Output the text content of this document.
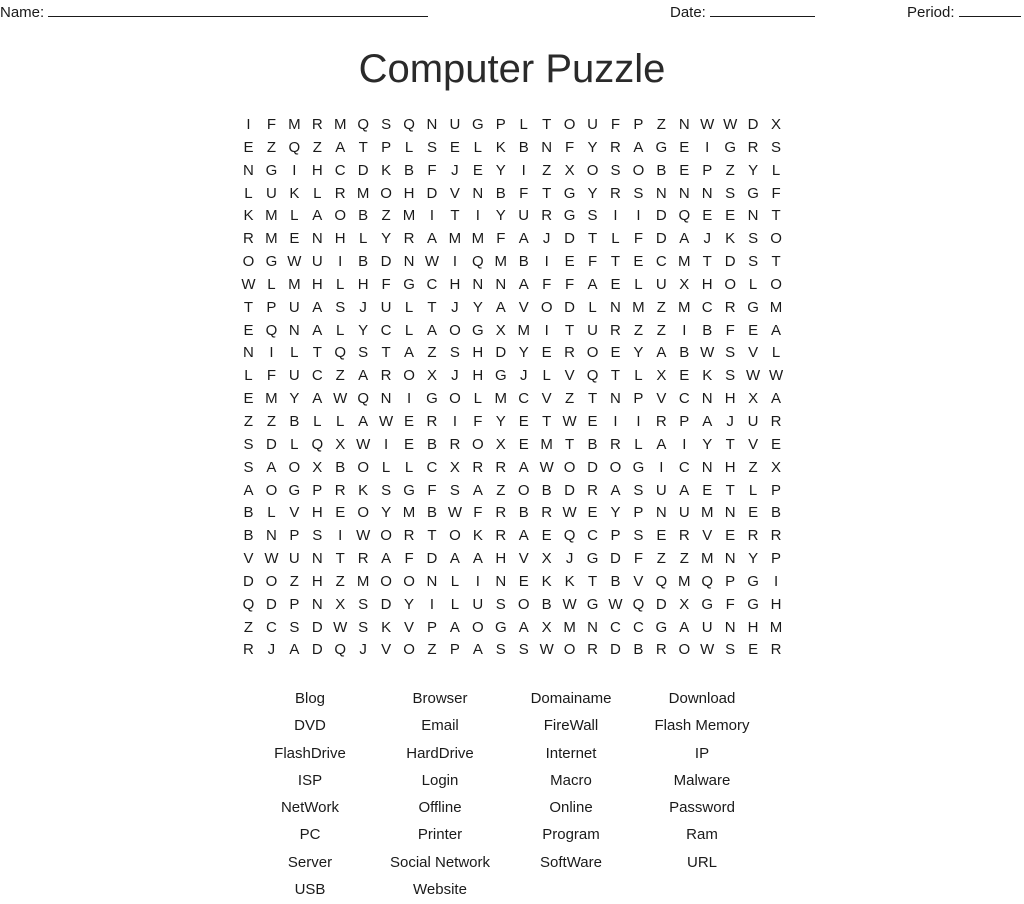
Name:	Date:	Period:
Computer Puzzle
I	F M R M Q S Q N U G P L T O U F P Z N W W D X
E Z Q Z A T P L S E L K B N F Y R A G E	I	G R S
N G	I	H C D K B F J E Y	I	Z X O S O B E P Z Y L
L U K L R M O H D V N B F T G Y R S N N N S G F
K M L A O B Z M I	T	I	Y U R G S	I	I	D Q E E N T
R M E N H L Y R A M M F A J D T L F D A J K S O
O G W U	I	B D N W I	Q M B	I	E F T E C M T D S T
W L M H L H F G C H N N A F F A E L U X H O L O
T P U A S J U L T J Y A V O D L N M Z M C R G M
E Q N A L Y C L A O G X M I	T U R Z Z	I	B F E A
N	I	L T Q S T A Z S H D Y E R O E Y A B W S V L
L F U C Z A R O X J H G J	L V Q T L X E K S W W
E M Y A W Q N	I	G O L M C V Z T N P V C N H X A
Z Z B L L A W E R	I	F Y E T W E	I	I	R P A J U R
S D L Q X W I	E B R O X E M T B R L A	I	Y T V E
S A O X B O L L C X R R A W O D O G	I	C N H Z X
A O G P R K S G F S A Z O B D R A S U A E T L P
B L V H E O Y M B W F R B R W E Y P N U M N E B
B N P S	I W O R T O K R A E Q C P S E R V E R R
V W U N T R A F D A A H V X J G D F Z Z M N Y P
D O Z H Z M O O N L	I	N E K K T B V Q M Q P G	I
Q D P N X S D Y	I	L U S O B W G W Q D X G F G H
Z C S D W S K V P A O G A X M N C C G A U N H M
R J A D Q J V O Z P A S S W O R D B R O W S E R
Blog	Browser	Domainame	Download
DVD	Email	FireWall	Flash Memory
FlashDrive	HardDrive	Internet	IP
ISP	Login	Macro	Malware
NetWork	Offline	Online	Password
PC	Printer	Program	Ram
Server	Social Network	SoftWare	URL
USB	Website
